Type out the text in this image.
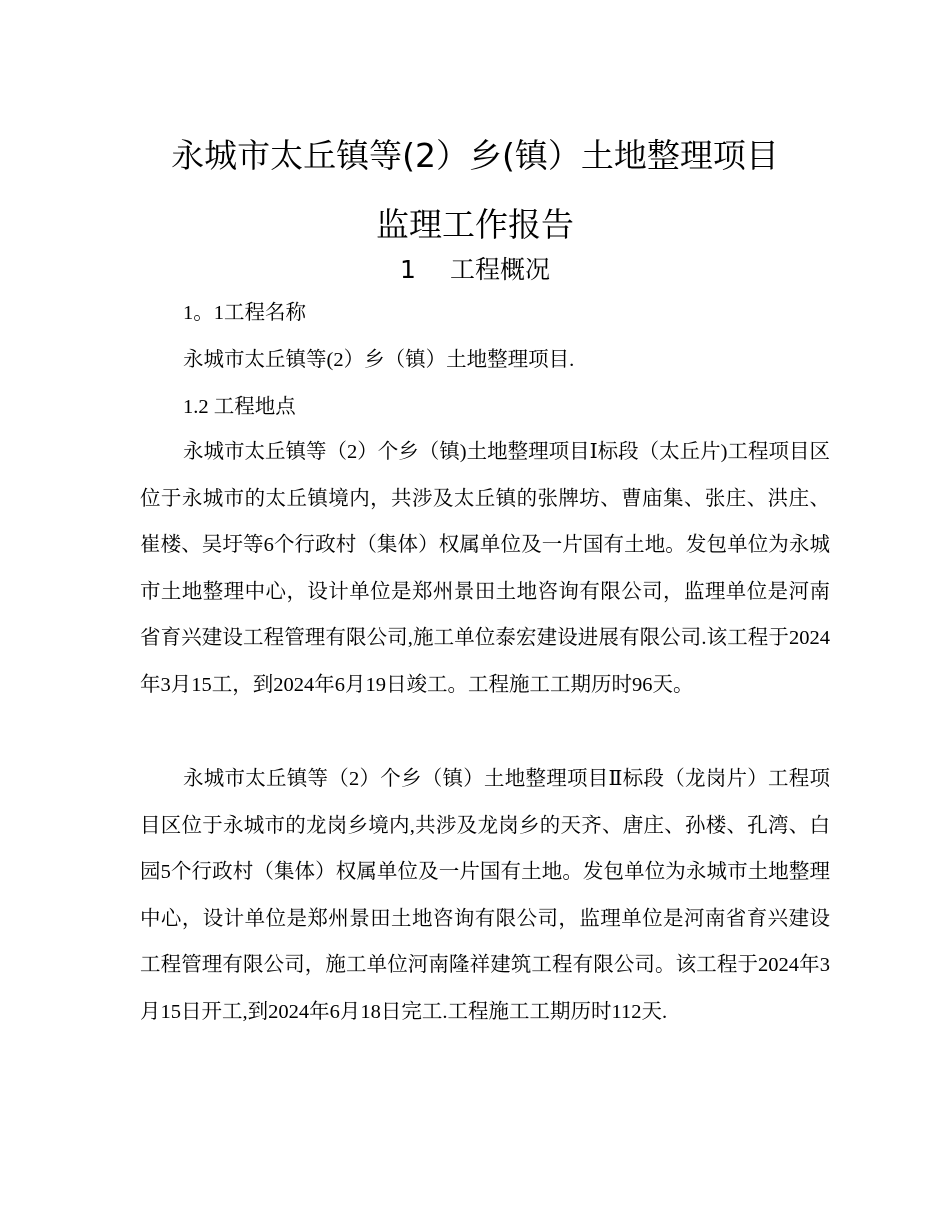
永城市太丘镇等(2）乡(镇）土地整理项目
监理工作报告
1 工程概况
1。1工程名称
永城市太丘镇等(2）乡（镇）土地整理项目.
1.2 工程地点
永城市太丘镇等（2）个乡（镇)土地整理项目Ⅰ标段（太丘片)工程项目区位于永城市的太丘镇境内，共涉及太丘镇的张牌坊、曹庙集、张庄、洪庄、崔楼、吴圩等6个行政村（集体）权属单位及一片国有土地。发包单位为永城市土地整理中心，设计单位是郑州景田土地咨询有限公司，监理单位是河南省育兴建设工程管理有限公司,施工单位泰宏建设进展有限公司.该工程于2024年3月15工，到2024年6月19日竣工。工程施工工期历时96天。
永城市太丘镇等（2）个乡（镇）土地整理项目Ⅱ标段（龙岗片）工程项目区位于永城市的龙岗乡境内,共涉及龙岗乡的天齐、唐庄、孙楼、孔湾、白园5个行政村（集体）权属单位及一片国有土地。发包单位为永城市土地整理中心，设计单位是郑州景田土地咨询有限公司，监理单位是河南省育兴建设工程管理有限公司，施工单位河南隆祥建筑工程有限公司。该工程于2024年3月15日开工,到2024年6月18日完工.工程施工工期历时112天.
